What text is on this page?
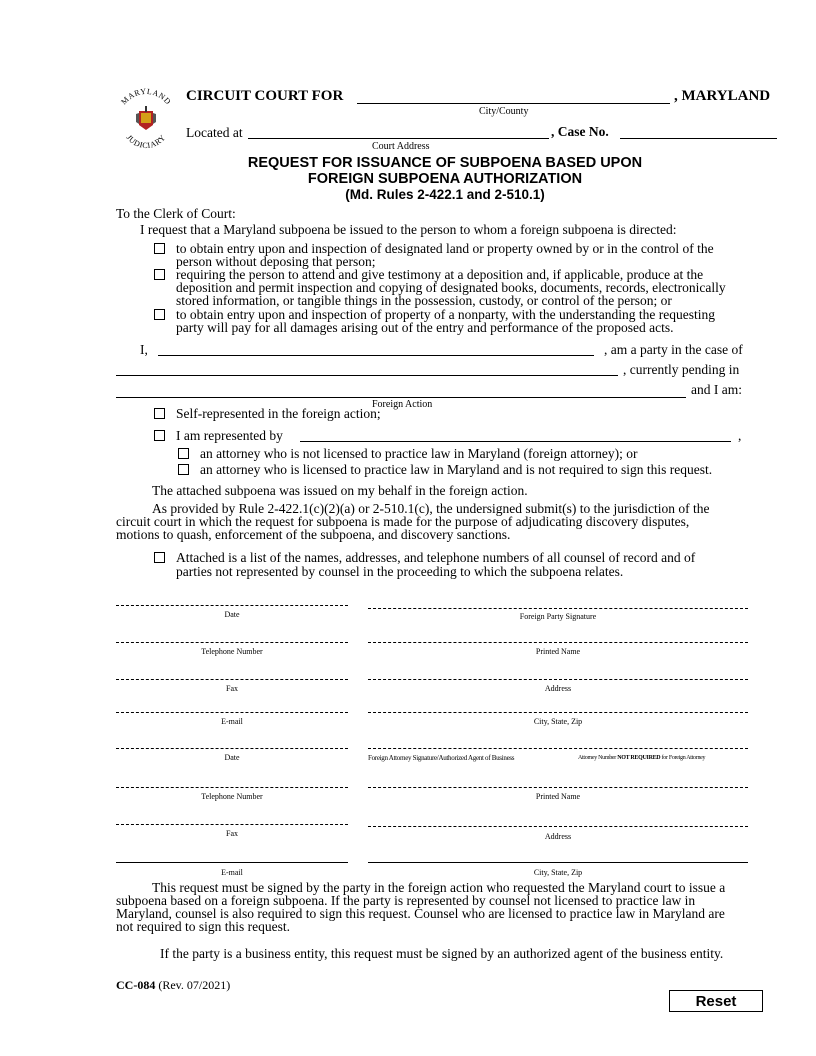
MARYLAND
JUDICIARY
CIRCUIT COURT FOR	, MARYLAND
City/County
Located at	, Case No.
Court Address
REQUEST FOR ISSUANCE OF SUBPOENA BASED UPON
FOREIGN SUBPOENA AUTHORIZATION
(Md. Rules 2-422.1 and 2-510.1)
To the Clerk of Court:
I request that a Maryland subpoena be issued to the person to whom a foreign subpoena is directed:
to obtain entry upon and inspection of designated land or property owned by or in the control of the
person without deposing that person;
requiring the person to attend and give testimony at a deposition and, if applicable, produce at the
deposition and permit inspection and copying of designated books, documents, records, electronically
stored information, or tangible things in the possession, custody, or control of the person; or
to obtain entry upon and inspection of property of a nonparty, with the understanding the requesting
party will pay for all damages arising out of the entry and performance of the proposed acts.
I,	, am a party in the case of
, currently pending in
and I am:
Foreign Action
Self-represented in the foreign action;
I am represented by	,
an attorney who is not licensed to practice law in Maryland (foreign attorney); or
an attorney who is licensed to practice law in Maryland and is not required to sign this request.
The attached subpoena was issued on my behalf in the foreign action.
As provided by Rule 2-422.1(c)(2)(a) or 2-510.1(c), the undersigned submit(s) to the jurisdiction of the
circuit court in which the request for subpoena is made for the purpose of adjudicating discovery disputes,
motions to quash, enforcement of the subpoena, and discovery sanctions.
Attached is a list of the names, addresses, and telephone numbers of all counsel of record and of
parties not represented by counsel in the proceeding to which the subpoena relates.
Date	Foreign Party Signature
Telephone Number	Printed Name
Fax	Address
E-mail	City, State, Zip
Date	Foreign Attorney Signature/Authorized Agent of Business	Attorney Number NOT REQUIRED for Foreign Attorney
Telephone Number	Printed Name
Fax	Address
E-mail	City, State, Zip
This request must be signed by the party in the foreign action who requested the Maryland court to issue a
subpoena based on a foreign subpoena. If the party is represented by counsel not licensed to practice law in
Maryland, counsel is also required to sign this request. Counsel who are licensed to practice law in Maryland are
not required to sign this request.
If the party is a business entity, this request must be signed by an authorized agent of the business entity.
CC-084 (Rev. 07/2021)
Reset
